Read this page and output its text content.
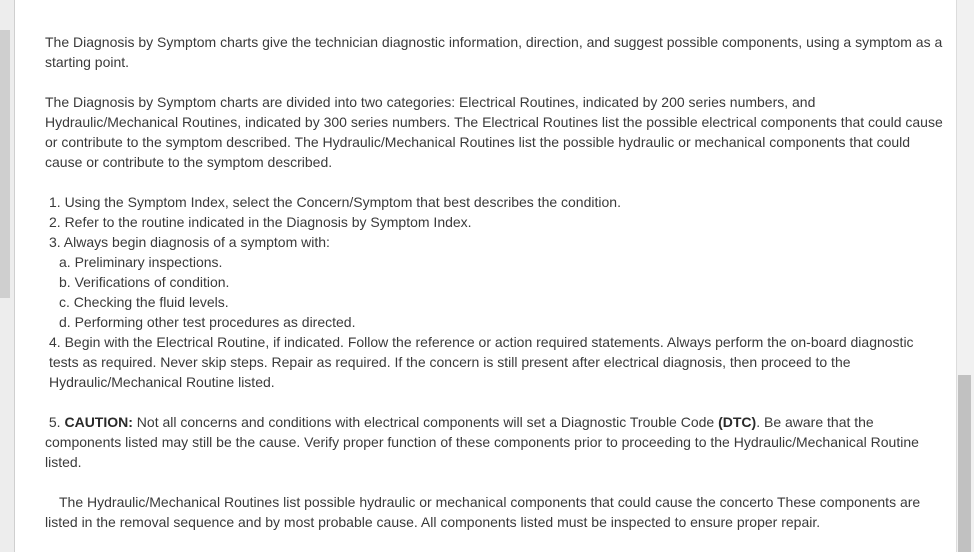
The Diagnosis by Symptom charts give the technician diagnostic information, direction, and suggest possible components, using a symptom as a starting point.

The Diagnosis by Symptom charts are divided into two categories: Electrical Routines, indicated by 200 series numbers, and Hydraulic/Mechanical Routines, indicated by 300 series numbers. The Electrical Routines list the possible electrical components that could cause or contribute to the symptom described. The Hydraulic/Mechanical Routines list the possible hydraulic or mechanical components that could cause or contribute to the symptom described.

1. Using the Symptom Index, select the Concern/Symptom that best describes the condition.
2. Refer to the routine indicated in the Diagnosis by Symptom Index.
3. Always begin diagnosis of a symptom with:
a. Preliminary inspections.
b. Verifications of condition.
c. Checking the fluid levels.
d. Performing other test procedures as directed.
4. Begin with the Electrical Routine, if indicated. Follow the reference or action required statements. Always perform the on-board diagnostic
tests as required. Never skip steps. Repair as required. If the concern is still present after electrical diagnosis, then proceed to the Hydraulic/Mechanical Routine listed.

5. CAUTION: Not all concerns and conditions with electrical components will set a Diagnostic Trouble Code (DTC). Be aware that the components listed may still be the cause. Verify proper function of these components prior to proceeding to the Hydraulic/Mechanical Routine listed.

The Hydraulic/Mechanical Routines list possible hydraulic or mechanical components that could cause the concerto These components are listed in the removal sequence and by most probable cause. All components listed must be inspected to ensure proper repair.
